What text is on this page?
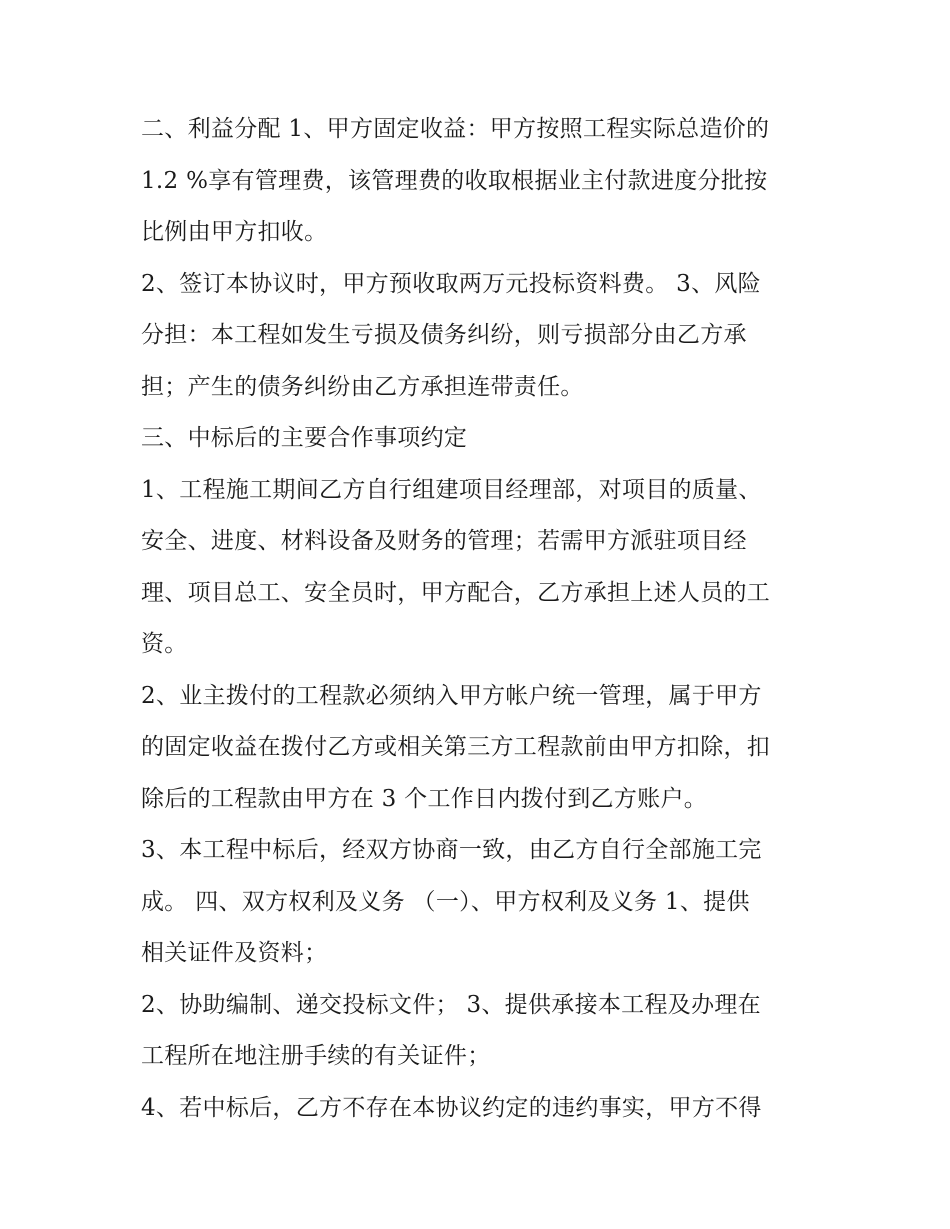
二、利益分配 1、甲方固定收益：甲方按照工程实际总造价的
1.2 %享有管理费，该管理费的收取根据业主付款进度分批按
比例由甲方扣收。
2、签订本协议时，甲方预收取两万元投标资料费。 3、风险
分担：本工程如发生亏损及债务纠纷，则亏损部分由乙方承
担；产生的债务纠纷由乙方承担连带责任。
三、中标后的主要合作事项约定
1、工程施工期间乙方自行组建项目经理部，对项目的质量、
安全、进度、材料设备及财务的管理；若需甲方派驻项目经
理、项目总工、安全员时，甲方配合，乙方承担上述人员的工
资。
2、业主拨付的工程款必须纳入甲方帐户统一管理，属于甲方
的固定收益在拨付乙方或相关第三方工程款前由甲方扣除，扣
除后的工程款由甲方在 3 个工作日内拨付到乙方账户。
3、本工程中标后，经双方协商一致，由乙方自行全部施工完
成。 四、双方权利及义务 （一）、甲方权利及义务 1、提供
相关证件及资料；
2、协助编制、递交投标文件； 3、提供承接本工程及办理在
工程所在地注册手续的有关证件；
4、若中标后，乙方不存在本协议约定的违约事实，甲方不得
